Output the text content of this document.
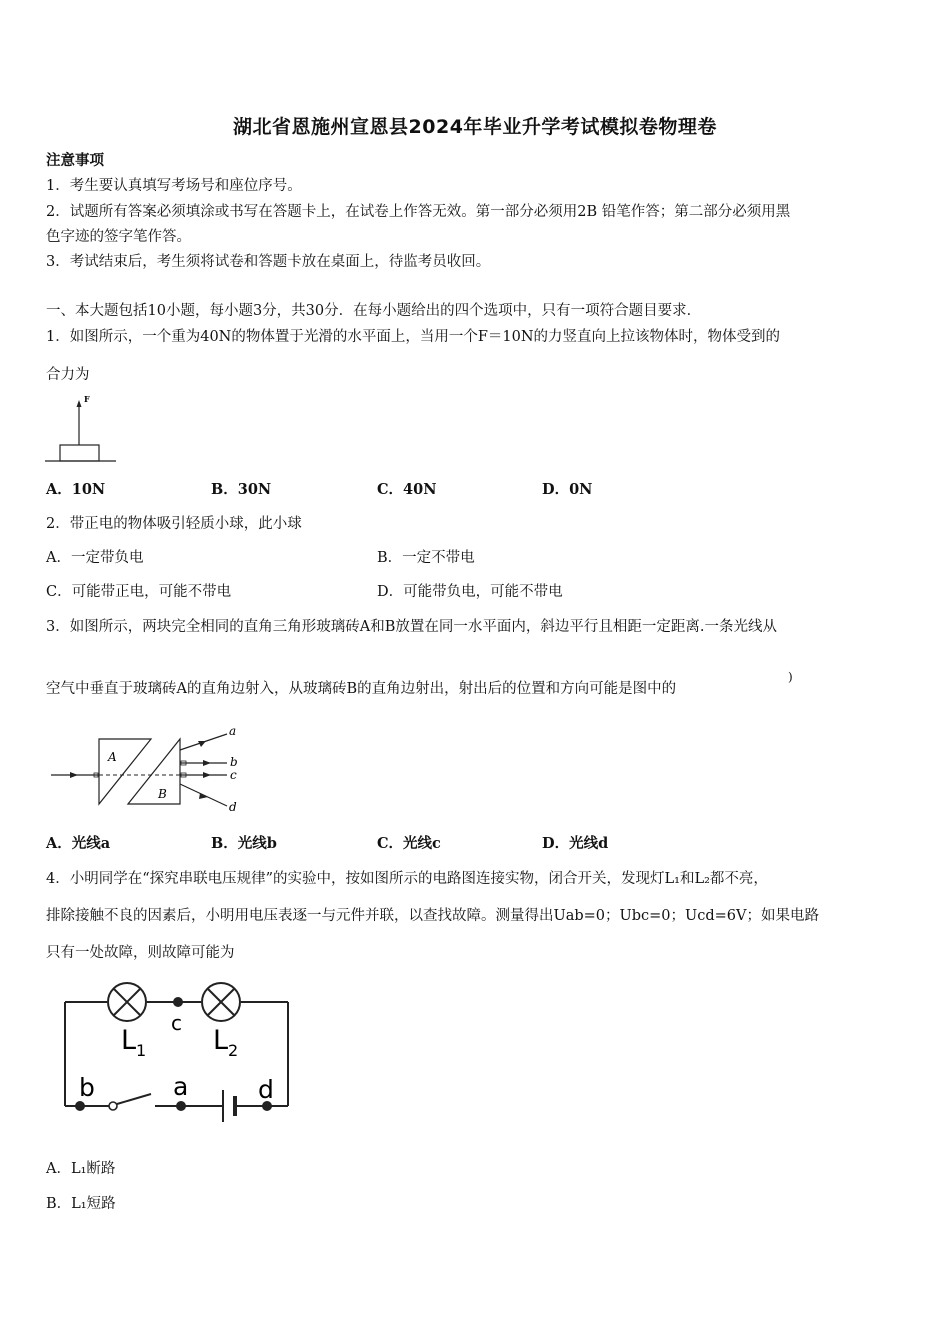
湖北省恩施州宣恩县2024年毕业升学考试模拟卷物理卷
注意事项
1．考生要认真填写考场号和座位序号。
2．试题所有答案必须填涂或书写在答题卡上，在试卷上作答无效。第一部分必须用2B 铅笔作答；第二部分必须用黑
色字迹的签字笔作答。
3．考试结束后，考生须将试卷和答题卡放在桌面上，待监考员收回。
一、本大题包括10小题，每小题3分，共30分．在每小题给出的四个选项中，只有一项符合题目要求．
1．如图所示，一个重为40N的物体置于光滑的水平面上，当用一个F＝10N的力竖直向上拉该物体时，物体受到的
合力为
F
A．10N	B．30N	C．40N	D．0N
2．带正电的物体吸引轻质小球，此小球
A．一定带负电	B．一定不带电
C．可能带正电，可能不带电	D．可能带负电，可能不带电
3．如图所示，两块完全相同的直角三角形玻璃砖A和B放置在同一水平面内，斜边平行且相距一定距离.一条光线从
空气中垂直于玻璃砖A的直角边射入，从玻璃砖B的直角边射出，射出后的位置和方向可能是图中的
)
A
B
a
b
c
d
A．光线a	B．光线b	C．光线c	D．光线d
4．小明同学在“探究串联电压规律”的实验中，按如图所示的电路图连接实物，闭合开关，发现灯L₁和L₂都不亮，
排除接触不良的因素后，小明用电压表逐一与元件并联，以查找故障。测量得出Uab=0；Ubc=0；Ucd=6V；如果电路
只有一处故障，则故障可能为
c
$L_1$ $L_2$
b	a	d
A．L₁断路
B．L₁短路
